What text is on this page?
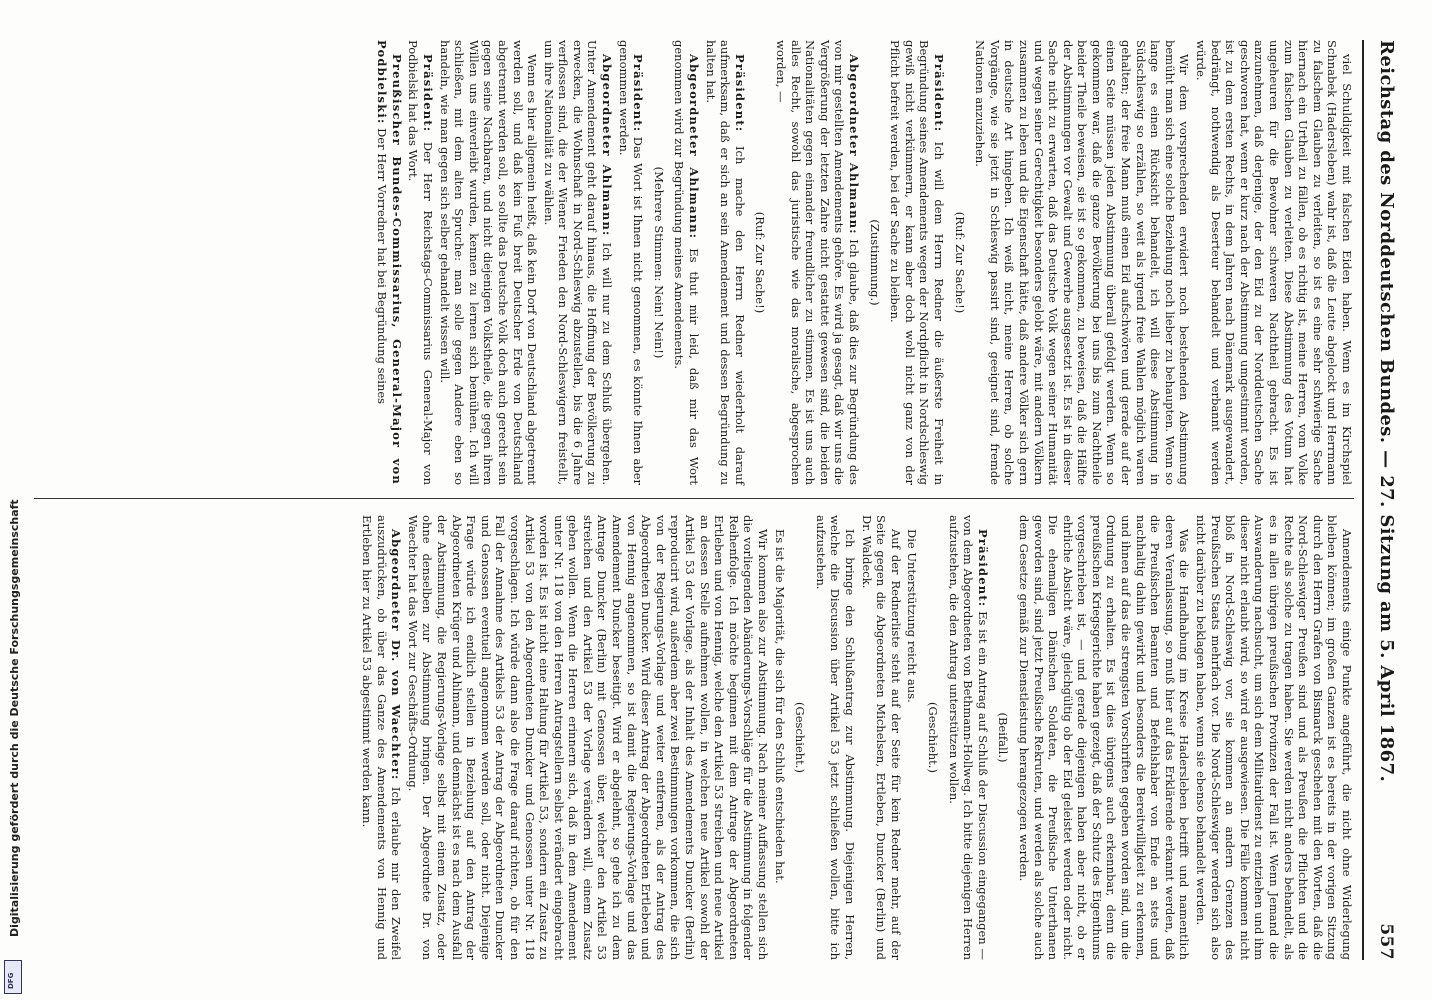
Reichstag des Norddeutschen Bundes. — 27. Sitzung am 5. April 1867.
557

viel Schuldigkeit mit falschen Eiden haben. Wenn es im Kirchspiel Schnabek (Hadersleben) wahr ist, daß die Leute abgelockt und Herrmann zu falschem Glauben zu verleiten, so ist es eine sehr schwierige Sache hiernach ein Urtheil zu fällen, ob es richtig ist, meine Herren, vom Volke zum falschen Glauben zu verleiten. Diese Abstimmung des Votum hat ungeheuren für die Bewohner schweren Nachtheil gebracht. Es ist anzunehmen, daß derjenige, der den Eid zu der Norddeutschen Sache geschworen hat, wenn er kurz nach der Abstimmung umgestimmt worden, ist zu dem ersten Rechts, in dem Jahren nach Dänemark ausgewandert, bedrängt, nothwendig als Deserteur behandelt und verbannt werden würde.

Wir dem vorsprechenden erwidert noch bestehenden Abstimmung bemüht man sich eine solche Beziehung noch lieber zu behaupten. Wenn so lange es einen Rücksicht behandelt, ich will diese Abstimmung in Südschleswig so erzählen, so weit als irgend freie Wahlen möglich waren gehalten; der freie Mann muß einen Eid aufschwören und gerade auf der einen Seite müssen jeden Abstimmung überall gefolgt werden. Wenn so gekommen war, daß die ganze Bevölkerung bei uns bis zum Nachtheile beider Theile beweisen, sie ist so gekommen, zu beweisen, daß die Hälfte der Abstimmungen vor Gewalt und Gewerbe ausgesetzt ist. Es ist in dieser Sache nicht zu erwarten, daß das Deutsche Volk wegen seiner Humanität und wegen seiner Gerechtigkeit besonders gelobt wäre, mit andern Völkern zusammen zu leben und die Eigenschaft hätte, daß andere Völker sich gern in deutsche Art hingeben. Ich weiß nicht, meine Herren, ob solche Vorgänge, wie sie jetzt in Schleswig passirt sind, geeignet sind, fremde Nationen anzuziehen.

(Ruf: Zur Sache!)

Präsident: Ich will dem Herrn Redner die äußerste Freiheit in Begründung seines Amendements wegen der Nordpflicht in Nordschleswig gewiß nicht verkümmern, er kann aber doch wohl nicht ganz von der Pflicht befreit werden, bei der Sache zu bleiben.

(Zustimmung.)

Abgeordneter Ahlmann: Ich glaube, daß dies zur Begründung des von mir gestellten Amendements gehöre. Es wird ja gesagt, daß wir uns die Vergrößerung der letzten Zahre nicht gestattet gewesen sind, die beiden Nationalitäten gegen einander freundlicher zu stimmen. Es ist uns auch alles Recht, sowohl das juristische wie das moralische, abgesprochen worden, —

(Ruf: Zur Sache!)

Präsident: Ich mache den Herrn Redner wiederholt darauf aufmerksam, daß er sich an sein Amendement und dessen Begründung zu halten hat.

Abgeordneter Ahlmann: Es thut mir leid, daß mir das Wort genommen wird zur Begründung meines Amendements.

(Mehrere Stimmen: Nein! Nein!)

Präsident: Das Wort ist Ihnen nicht genommen, es könnte Ihnen aber genommen werden.

Abgeordneter Ahlmann: Ich will nur zu dem Schluß übergehen. Unter Amendement geht darauf hinaus, die Hoffnung der Bevölkerung zu erwecken, die Wohnschaft in Nord-Schleswig abzustellen, bis die 6 Jahre verflossen sind, die der Wiener Frieden den Nord-Schleswigern freistellt, um ihre Nationalität zu wählen.

Wenn es hier allgemein heißt, daß kein Dorf von Deutschland abgetrennt werden soll, und daß kein Fuß breit Deutscher Erde von Deutschland abgetrennt werden soll, so sollte das Deutsche Volk doch auch gerecht sein gegen seine Nachbaren, und nicht diejenigen Volkstheile, die gegen ihren Willen uns einverleibt wurden, kennen zu lernen sich bemühen. Ich will schließen, mit dem alten Spruche: man solle gegen Andere eben so handeln, wie man gegen sich selber gehandelt wissen will.

Präsident: Der Herr Reichstags-Commissarius General-Major von Podbielski hat das Wort.

Preußischer Bundes-Commissarius, General-Major von Podbielski: Der Herr Vorredner hat bei Begründung seines

Amendements einige Punkte angeführt, die nicht ohne Widerlegung bleiben können; im großen Ganzen ist es bereits in der vorigen Sitzung durch den Herrn Grafen von Bismarck geschehen mit den Worten, daß die Nord-Schleswiger Preußen sind und als Preußen die Pflichten und die Rechte als solche zu tragen haben. Sie werden nicht anders behandelt, als es in allen übrigen preußischen Provinzen der Fall ist. Wenn Jemand die Auswanderung nachsucht, um sich dem Militairdienst zu entziehen und ihm dieser nicht erlaubt wird, so wird er ausgewiesen. Die Fälle kommen nicht bloß in Nord-Schleswig vor, sie kommen an andern Grenzen des Preußischen Staats mehrfach vor. Die Nord-Schleswiger werden sich also nicht darüber zu beklagen haben, wenn sie ebenso behandelt werden.

Was die Handhabung im Kreise Hadersleben betrifft und namentlich deren Veranlassung, so muß hier auf das Erklärende erkannt werden, daß die Preußischen Beamten und Befehlshaber von Ende an stets und nachhaltig dahin gewirkt und besonders die Bereitwilligkeit zu erkennen, und ihnen auf das die strengsten Vorschriften gegeben worden sind, um die Ordnung zu erhalten. Es ist dies übrigens auch erkennbar, denn die preußischen Kriegsgerichte haben gezeigt, daß der Schutz des Eigenthums vorgeschrieben ist, — und gerade diejenigen haben aber nicht, ob er ehrliche Absicht wäre, gleichgültig ob der Eid geleistet werden oder nicht. Die ehemaligen Dänischen Soldaten, die Preußische Unterthanen geworden sind, sind jetzt Preußische Rekruten, und werden als solche auch dem Gesetze gemäß zur Dienstleistung herangezogen werden.

(Beifall.)

Präsident: Es ist ein Antrag auf Schluß der Discussion eingegangen — von dem Abgeordneten von Bethmann-Hollweg. Ich bitte diejenigen Herren aufzustehen, die den Antrag unterstützen wollen.

(Geschieht.)

Die Unterstützung reicht aus.

Auf der Rednerliste steht auf der Seite für kein Redner mehr, auf der Seite gegen die Abgeordneten Michelsen, Ertleben, Duncker (Berlin) und Dr. Waldeck.

Ich bringe den Schlußantrag zur Abstimmung. Diejenigen Herren, welche die Discussion über Artikel 53 jetzt schließen wollen, bitte ich aufzustehen.

(Geschieht.)

Es ist die Majorität, die sich für den Schluß entschieden hat.

Wir kommen also zur Abstimmung. Nach meiner Auffassung stellen sich die vorliegenden Abänderungs-Vorschläge für die Abstimmung in folgender Reihenfolge. Ich möchte beginnen mit dem Antrage der Abgeordneten Ertleben und von Hennig, welche den Artikel 53 streichen und neue Artikel an dessen Stelle aufnehmen wollen, in welchen neue Artikel sowohl der Artikel 53 der Vorlage, als der Inhalt des Amendements Duncker (Berlin) reproducirt wird, außerdem aber zwei Bestimmungen vorkommen, die sich von der Regierungs-Vorlage und weiter entfernen, als der Antrag des Abgeordneten Duncker. Wird dieser Antrag der Abgeordneten Ertleben und von Hennig angenommen, so ist damit die Regierungs-Vorlage und das Amendement Duncker beseitigt. Wird er abgelehnt, so gehe ich zu dem Antrage Duncker (Berlin) mit Genossen über, welcher den Artikel 53 streichen und den Artikel 53 der Vorlage verändern will, einem Zusatz geben wollen. Wenn die Herren erinnern sich, daß in dem Amendement unter Nr. 118 von den Herren Antragstellern selbst verändert eingebracht worden ist. Es ist nicht eine Haltung für Artikel 53, sondern ein Zusatz zu Artikel 53 von den Abgeordneten Duncker und Genossen unter Nr. 118 vorgeschlagen. Ich würde dann also die Frage darauf richten, ob für den Fall der Annahme des Artikels 53 der Antrag der Abgeordneten Duncker und Genossen eventuell angenommen werden soll, oder nicht. Diejenige Frage würde ich endlich stellen in Beziehung auf den Antrag der Abgeordneten Krüger und Ahlmann, und demnächst ist es nach dem Ausfall der Abstimmung, die Regierungs-Vorlage selbst mit einem Zusatz, oder ohne denselben zur Abstimmung bringen. Der Abgeordnete Dr. von Waechter hat das Wort zur Geschäfts-Ordnung.

Abgeordneter Dr. von Waechter: Ich erlaube mir den Zweifel auszudrücken, ob über das Ganze des Amendements von Hennig und Ertleben hier zu Artikel 53 abgestimmt werden kann.

Digitalisierung gefördert durch die Deutsche Forschungsgemeinschaft
DFG
